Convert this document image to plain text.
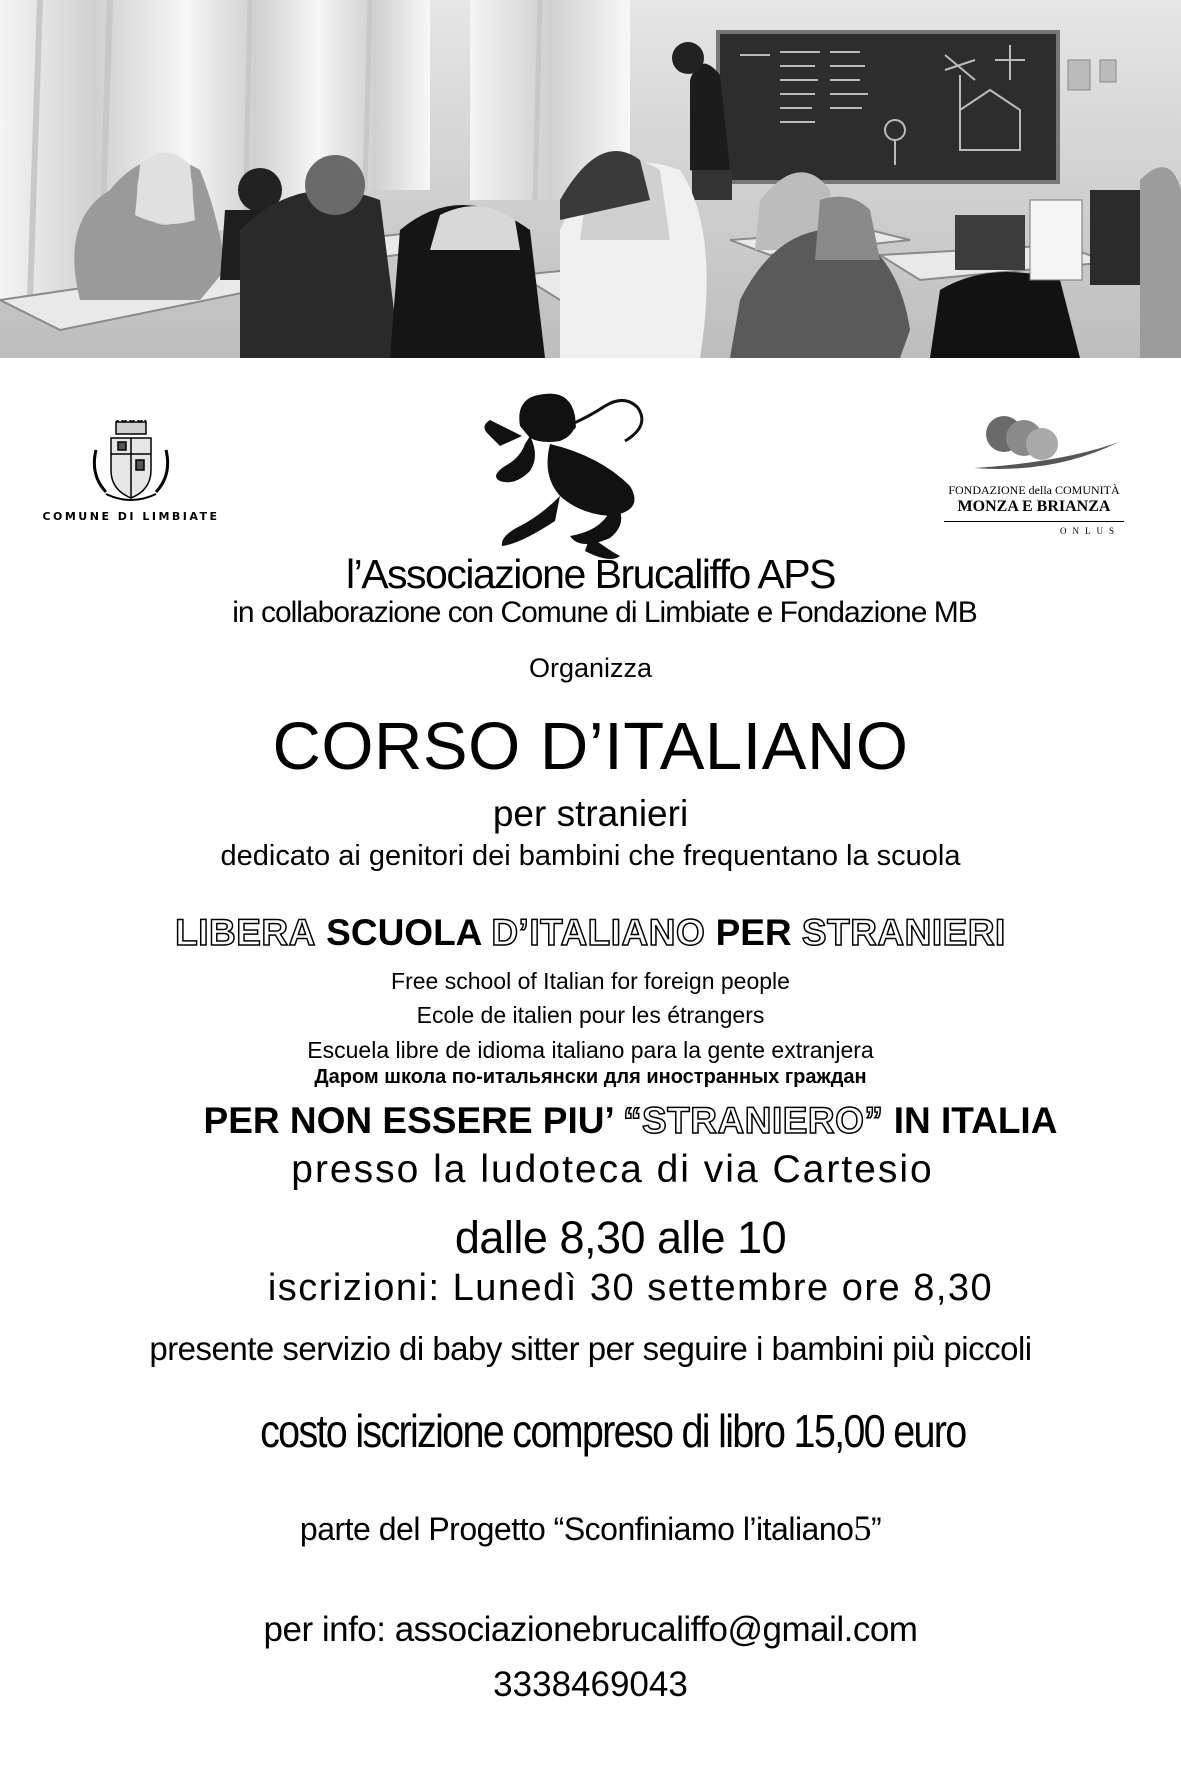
COMUNE DI LIMBIATE
FONDAZIONE della COMUNITÀ
MONZA E BRIANZA
ONLUS
l’Associazione Brucaliffo APS
in collaborazione con Comune di Limbiate e Fondazione MB
Organizza
CORSO D’ITALIANO
per stranieri
dedicato ai genitori dei bambini che frequentano la scuola
LIBERA SCUOLA D’ITALIANO PER STRANIERI
Free school of Italian for foreign people
Ecole de italien pour les étrangers
Escuela libre de idioma italiano para la gente extranjera
Даром школа по-итальянски для иностранных граждан
PER NON ESSERE PIU’ “STRANIERO” IN ITALIA
presso la ludoteca di via Cartesio
dalle 8,30 alle 10
iscrizioni: Lunedì 30 settembre ore 8,30
presente servizio di baby sitter per seguire i bambini più piccoli
costo iscrizione compreso di libro 15,00 euro
parte del Progetto “Sconfiniamo l’italiano5”
per info: associazionebrucaliffo@gmail.com
3338469043
